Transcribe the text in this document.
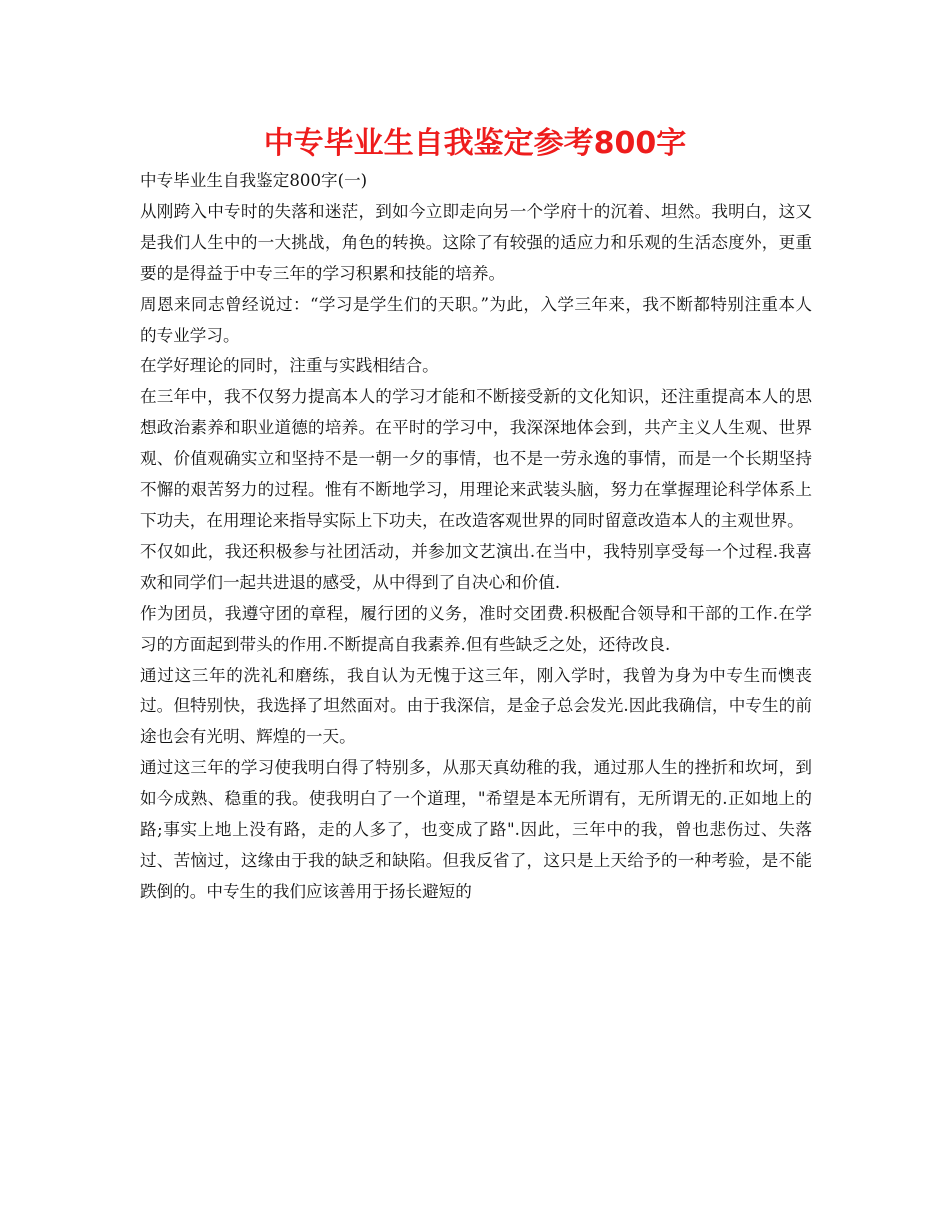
中专毕业生自我鉴定参考800字

中专毕业生自我鉴定800字(一)

从刚跨入中专时的失落和迷茫，到如今立即走向另一个学府十的沉着、坦然。我明白，这又是我们人生中的一大挑战，角色的转换。这除了有较强的适应力和乐观的生活态度外，更重要的是得益于中专三年的学习积累和技能的培养。

周恩来同志曾经说过：“学习是学生们的天职。”为此，入学三年来，我不断都特别注重本人的专业学习。

在学好理论的同时，注重与实践相结合。

在三年中，我不仅努力提高本人的学习才能和不断接受新的文化知识，还注重提高本人的思想政治素养和职业道德的培养。在平时的学习中，我深深地体会到，共产主义人生观、世界观、价值观确实立和坚持不是一朝一夕的事情，也不是一劳永逸的事情，而是一个长期坚持不懈的艰苦努力的过程。惟有不断地学习，用理论来武装头脑，努力在掌握理论科学体系上下功夫，在用理论来指导实际上下功夫，在改造客观世界的同时留意改造本人的主观世界。

不仅如此，我还积极参与社团活动，并参加文艺演出.在当中，我特别享受每一个过程.我喜欢和同学们一起共进退的感受，从中得到了自决心和价值.

作为团员，我遵守团的章程，履行团的义务，准时交团费.积极配合领导和干部的工作.在学习的方面起到带头的作用.不断提高自我素养.但有些缺乏之处，还待改良.

通过这三年的洗礼和磨练，我自认为无愧于这三年，刚入学时，我曾为身为中专生而懊丧过。但特别快，我选择了坦然面对。由于我深信，是金子总会发光.因此我确信，中专生的前途也会有光明、辉煌的一天。

通过这三年的学习使我明白得了特别多，从那天真幼稚的我，通过那人生的挫折和坎坷，到如今成熟、稳重的我。使我明白了一个道理，"希望是本无所谓有，无所谓无的.正如地上的路;事实上地上没有路，走的人多了，也变成了路".因此，三年中的我，曾也悲伤过、失落过、苦恼过，这缘由于我的缺乏和缺陷。但我反省了，这只是上天给予的一种考验，是不能跌倒的。中专生的我们应该善用于扬长避短的
